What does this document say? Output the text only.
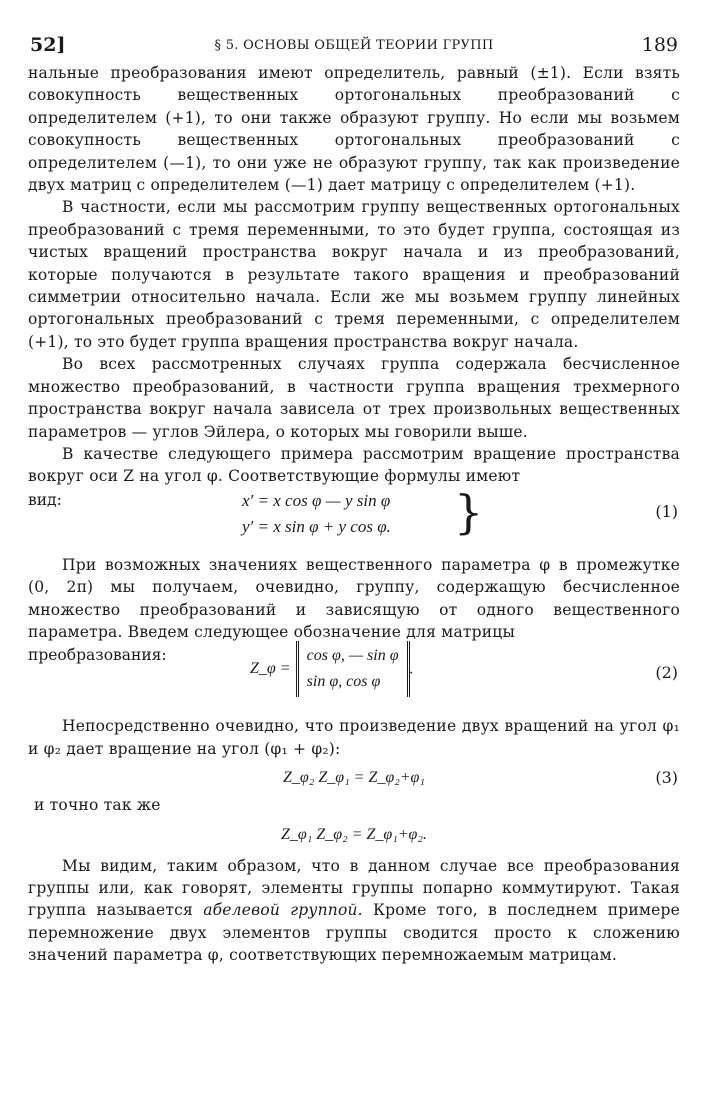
52]	§ 5. ОСНОВЫ ОБЩЕЙ ТЕОРИИ ГРУПП	189

нальные преобразования имеют определитель, равный (±1). Если взять совокупность вещественных ортогональных преобразований с определителем (+1), то они также образуют группу. Но если мы возьмем совокупность вещественных ортогональных преобразований с определителем (—1), то они уже не образуют группу, так как произведение двух матриц с определителем (—1) дает матрицу с определителем (+1).

В частности, если мы рассмотрим группу вещественных ортогональных преобразований с тремя переменными, то это будет группа, состоящая из чистых вращений пространства вокруг начала и из преобразований, которые получаются в результате такого вращения и преобразований симметрии относительно начала. Если же мы возьмем группу линейных ортогональных преобразований с тремя переменными, с определителем (+1), то это будет группа вращения пространства вокруг начала.

Во всех рассмотренных случаях группа содержала бесчисленное множество преобразований, в частности группа вращения трехмерного пространства вокруг начала зависела от трех произвольных вещественных параметров — углов Эйлера, о которых мы говорили выше.

В качестве следующего примера рассмотрим вращение пространства вокруг оси Z на угол φ. Соответствующие формулы имеют

вид:	x′ = x cos φ — y sin φ
y′ = x sin φ + y cos φ. }	(1)

При возможных значениях вещественного параметра φ в промежутке (0, 2π) мы получаем, очевидно, группу, содержащую бесчисленное множество преобразований и зависящую от одного вещественного параметра. Введем следующее обозначение для матрицы

преобразования:
Z_φ =
cos φ, — sin φ
sin φ, cos φ
.	(2)

Непосредственно очевидно, что произведение двух вращений на угол φ₁ и φ₂ дает вращение на угол (φ₁ + φ₂):

Z_φ₂ Z_φ₁ = Z_φ₂+φ₁	(3)

и точно так же

Z_φ₁ Z_φ₂ = Z_φ₁+φ₂.

Мы видим, таким образом, что в данном случае все преобразования группы или, как говорят, элементы группы попарно коммутируют. Такая группа называется абелевой группой. Кроме того, в последнем примере перемножение двух элементов группы сводится просто к сложению значений параметра φ, соответствующих перемножаемым матрицам.
